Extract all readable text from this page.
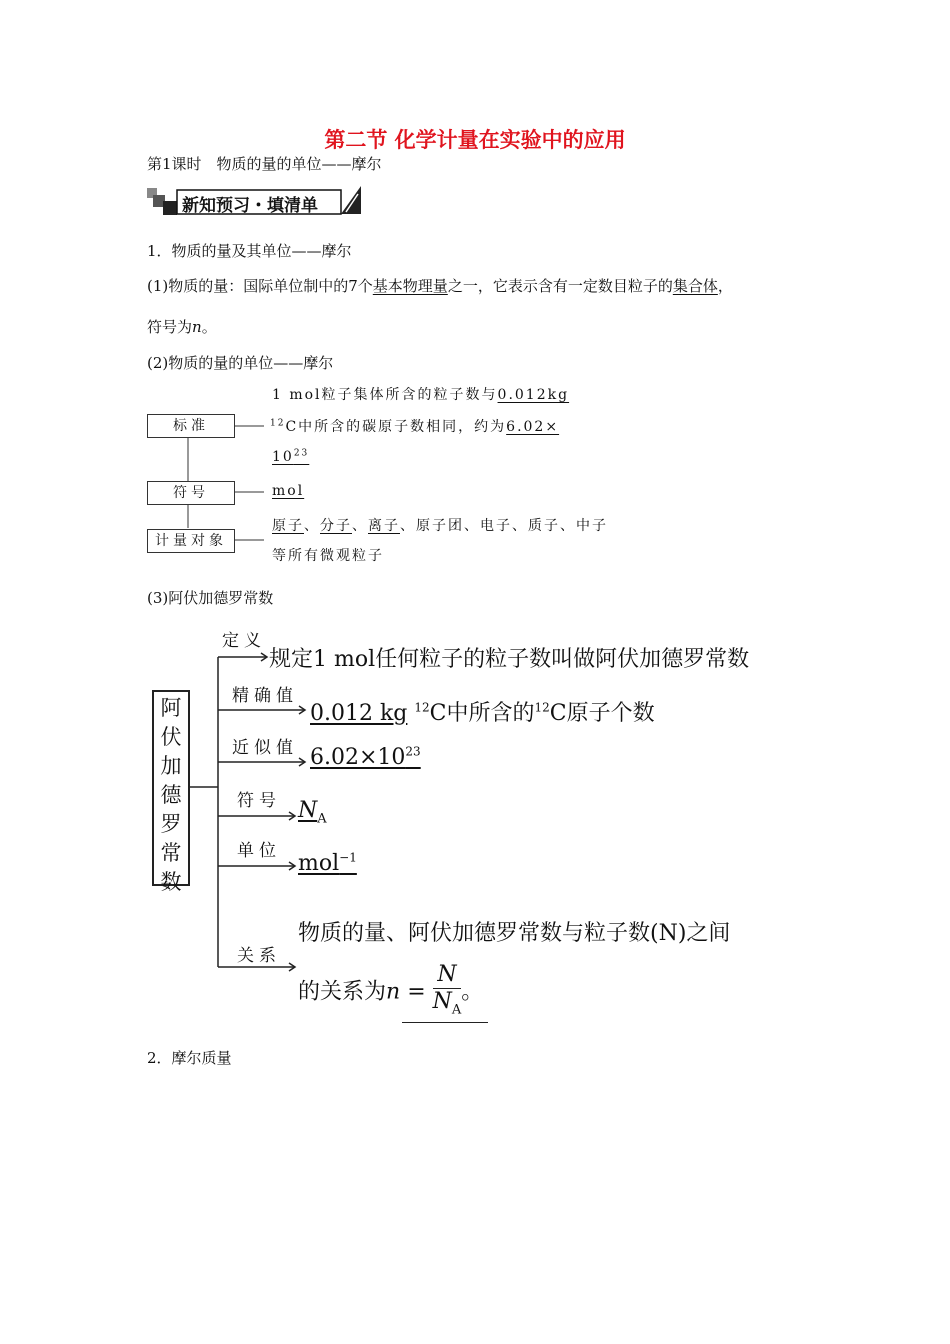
第二节 化学计量在实验中的应用
第1课时　物质的量的单位——摩尔
新知预习・填清单
1．物质的量及其单位——摩尔
(1)物质的量：国际单位制中的7个基本物理量之一，它表示含有一定数目粒子的集合体，
符号为n。
(2)物质的量的单位——摩尔
标准
符号
计量对象
1 mol粒子集体所含的粒子数与0.012kg
$^{12}$C中所含的碳原子数相同，约为6.02×
$10^{23}$
mol
原子、分子、离子、原子团、电子、质子、中子
等所有微观粒子
(3)阿伏加德罗常数
阿
伏
加
德
罗
常
数
定义
规定1 mol任何粒子的粒子数叫做阿伏加德罗常数
精确值
0.012 kg $^{12}$C中所含的$^{12}$C原子个数
近似值 $6.02\times 10^{23}$
符号 $N_A$
单位
mol$^{-1}$
关系
物质的量、阿伏加德罗常数与粒子数(N)之间
的关系为$n = \frac{N}{N_A}$ 。
2．摩尔质量
